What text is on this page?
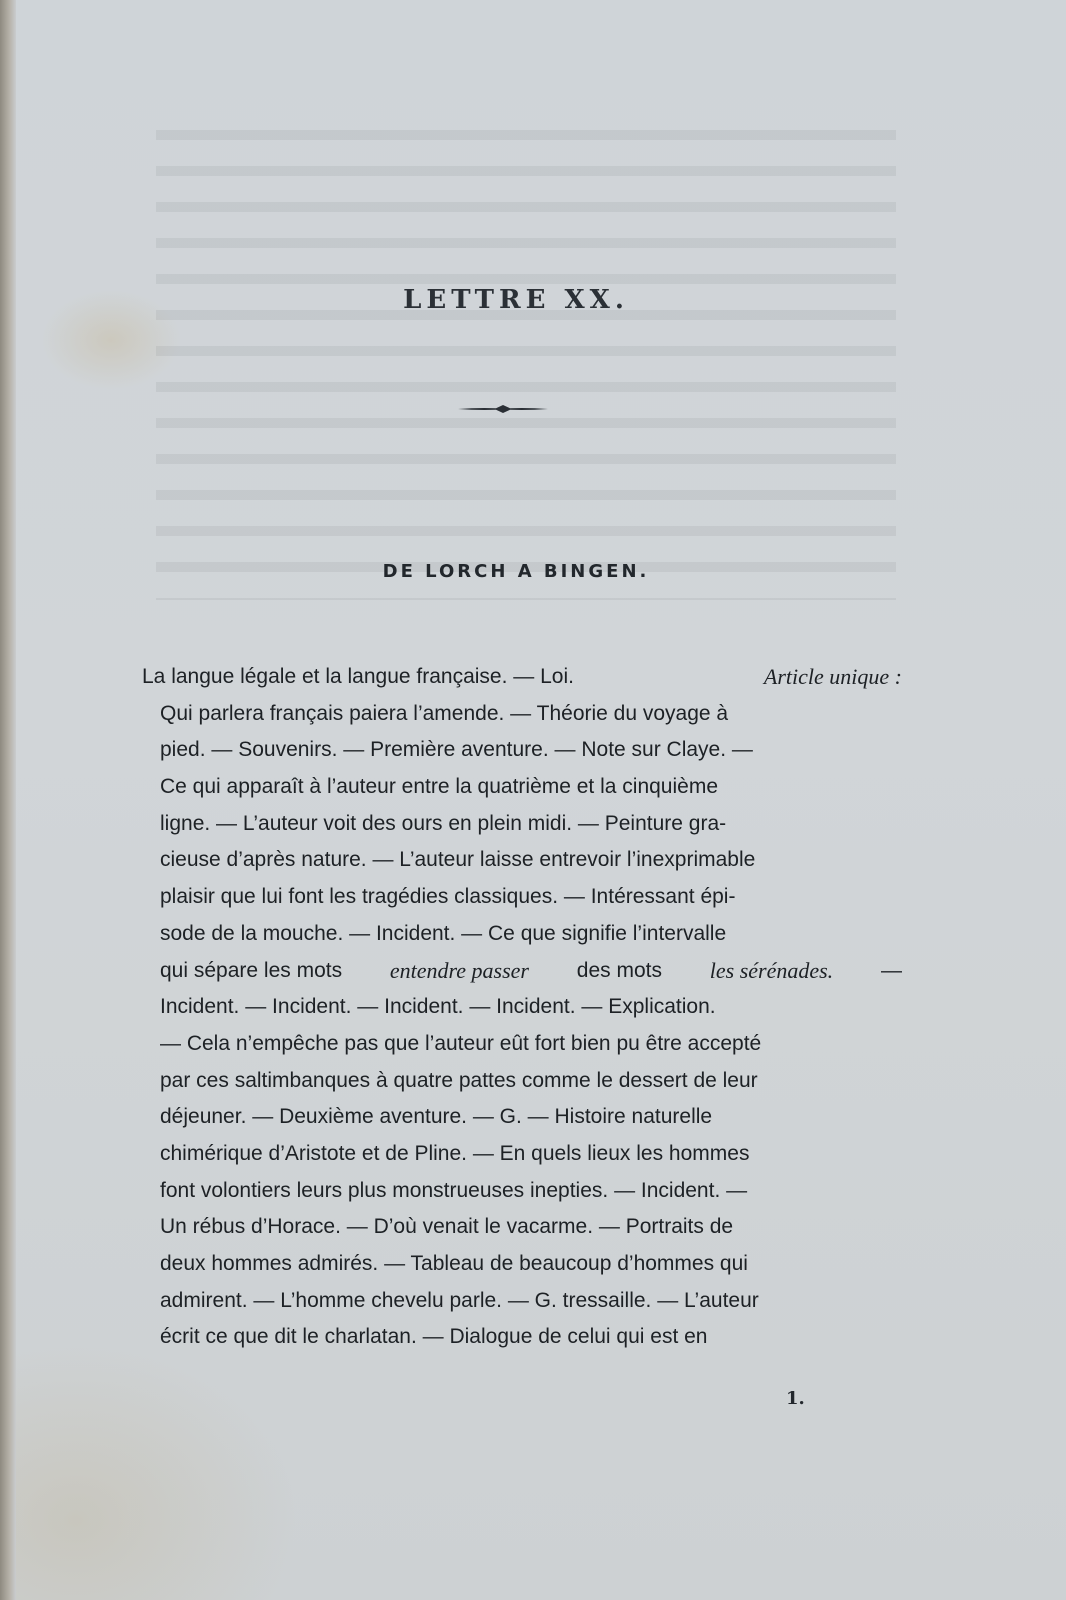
LETTRE XX.
DE LORCH A BINGEN.
La langue légale et la langue française. — Loi.	Article unique :
Qui parlera français paiera l’amende. — Théorie du voyage à
pied. — Souvenirs. — Première aventure. — Note sur Claye. —
Ce qui apparaît à l’auteur entre la quatrième et la cinquième
ligne. — L’auteur voit des ours en plein midi. — Peinture gra-
cieuse d’après nature. — L’auteur laisse entrevoir l’inexprimable
plaisir que lui font les tragédies classiques. — Intéressant épi-
sode de la mouche. — Incident. — Ce que signifie l’intervalle
qui sépare les mots entendre passer des mots les sérénades. —
Incident. — Incident. — Incident. — Incident. — Explication.
— Cela n’empêche pas que l’auteur eût fort bien pu être accepté
par ces saltimbanques à quatre pattes comme le dessert de leur
déjeuner. — Deuxième aventure. — G. — Histoire naturelle
chimérique d’Aristote et de Pline. — En quels lieux les hommes
font volontiers leurs plus monstrueuses inepties. — Incident. —
Un rébus d’Horace. — D’où venait le vacarme. — Portraits de
deux hommes admirés. — Tableau de beaucoup d’hommes qui
admirent. — L’homme chevelu parle. — G. tressaille. — L’auteur
écrit ce que dit le charlatan. — Dialogue de celui qui est en
1.
